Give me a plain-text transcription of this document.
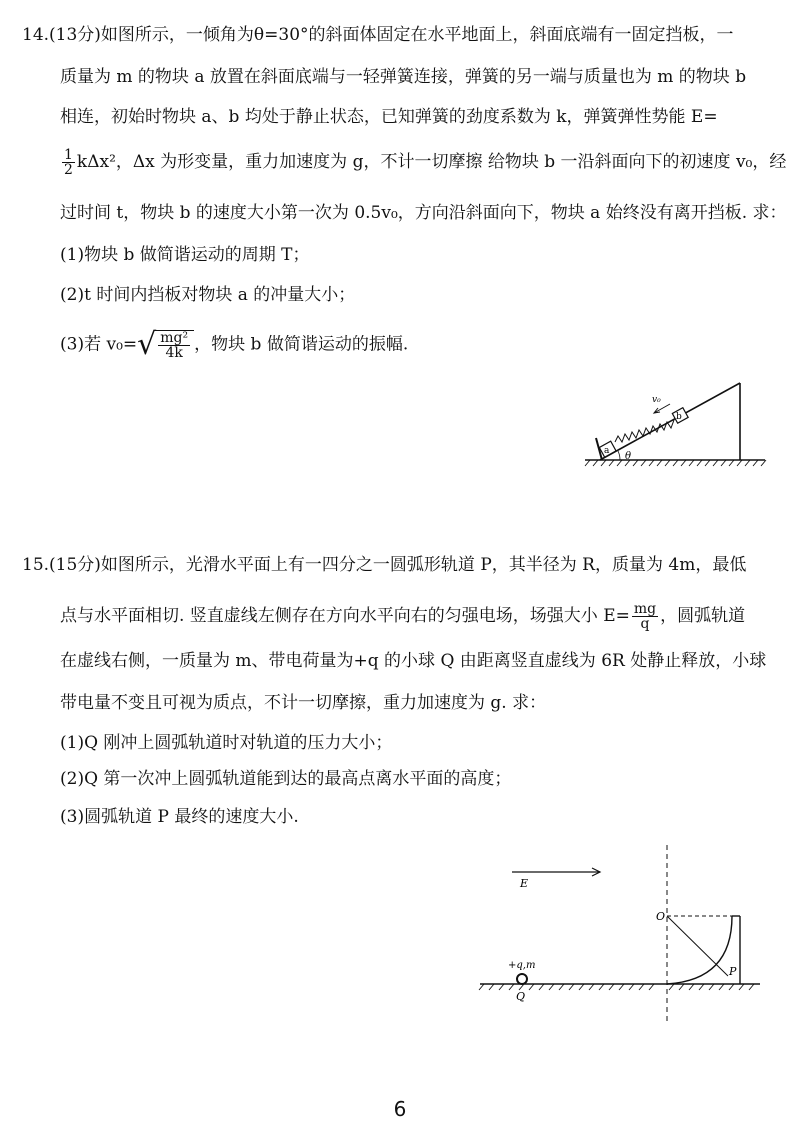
14.(13分)如图所示，一倾角为θ=30°的斜面体固定在水平地面上，斜面底端有一固定挡板，一
质量为 m 的物块 a 放置在斜面底端与一轻弹簧连接，弹簧的另一端与质量也为 m 的物块 b
相连，初始时物块 a、b 均处于静止状态，已知弹簧的劲度系数为 k，弹簧弹性势能 E=
$\frac{1}{2} k\Delta x^2$，Δx 为形变量，重力加速度为 g，不计一切摩擦 给物块 b 一沿斜面向下的初速度 v₀，经
过时间 t，物块 b 的速度大小第一次为 0.5v₀，方向沿斜面向下，物块 a 始终没有离开挡板. 求：
(1)物块 b 做简谐运动的周期 T；
(2)t 时间内挡板对物块 a 的冲量大小；
(3)若 v₀= √ $\frac{\text{mg²}}{4k}$ ，物块 b 做简谐运动的振幅.
a
b
v₀
θ
15.(15分)如图所示，光滑水平面上有一四分之一圆弧形轨道 P，其半径为 R，质量为 4m，最低
点与水平面相切. 竖直虚线左侧存在方向水平向右的匀强电场，场强大小 $E= \frac{mg}{q}$ ，圆弧轨道
在虚线右侧，一质量为 m、带电荷量为+q 的小球 Q 由距离竖直虚线为 6R 处静止释放，小球
带电量不变且可视为质点，不计一切摩擦，重力加速度为 g. 求：
(1)Q 刚冲上圆弧轨道时对轨道的压力大小；
(2)Q 第一次冲上圆弧轨道能到达的最高点离水平面的高度；
(3)圆弧轨道 P 最终的速度大小.
E
+q,m
Q
O
P
6
